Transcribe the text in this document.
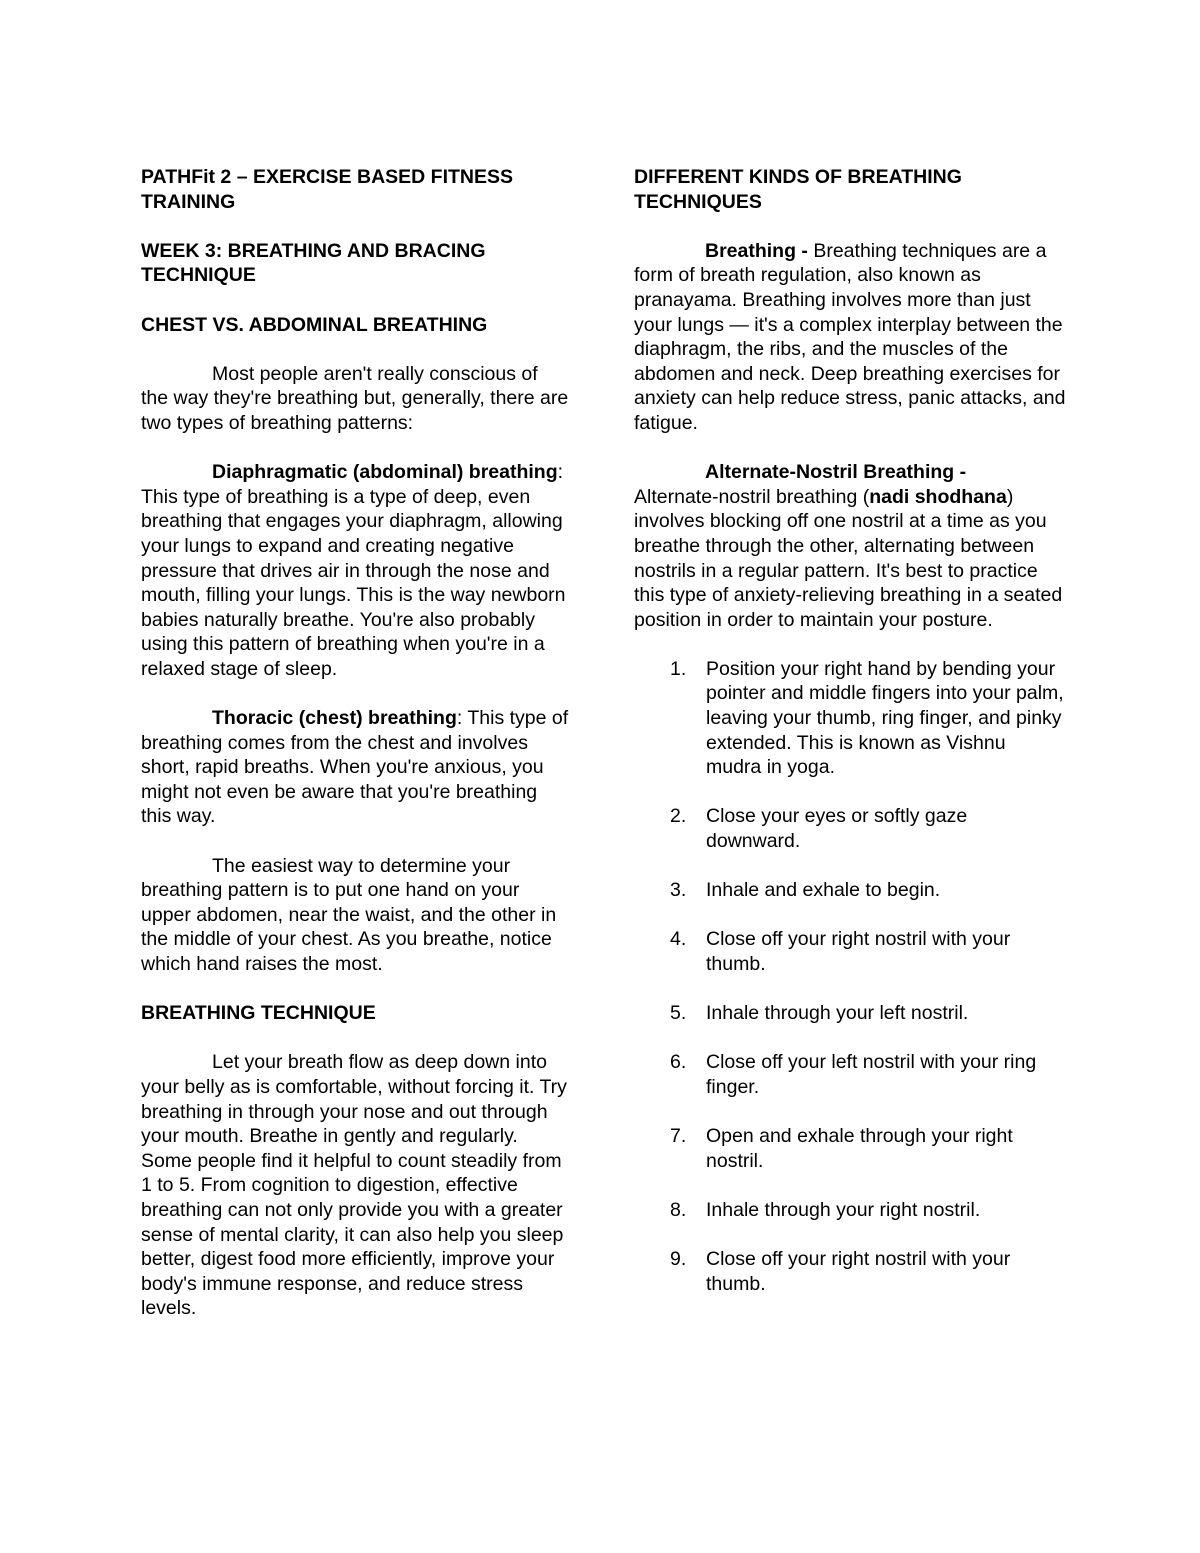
PATHFit 2 – EXERCISE BASED FITNESS TRAINING

WEEK 3: BREATHING AND BRACING TECHNIQUE

CHEST VS. ABDOMINAL BREATHING

Most people aren't really conscious of the way they're breathing but, generally, there are two types of breathing patterns:

Diaphragmatic (abdominal) breathing: This type of breathing is a type of deep, even breathing that engages your diaphragm, allowing your lungs to expand and creating negative pressure that drives air in through the nose and mouth, filling your lungs. This is the way newborn babies naturally breathe. You're also probably using this pattern of breathing when you're in a relaxed stage of sleep.

Thoracic (chest) breathing: This type of breathing comes from the chest and involves short, rapid breaths. When you're anxious, you might not even be aware that you're breathing this way.

The easiest way to determine your breathing pattern is to put one hand on your upper abdomen, near the waist, and the other in the middle of your chest. As you breathe, notice which hand raises the most.

BREATHING TECHNIQUE

Let your breath flow as deep down into your belly as is comfortable, without forcing it. Try breathing in through your nose and out through your mouth. Breathe in gently and regularly. Some people find it helpful to count steadily from 1 to 5. From cognition to digestion, effective breathing can not only provide you with a greater sense of mental clarity, it can also help you sleep better, digest food more efficiently, improve your body's immune response, and reduce stress levels.

DIFFERENT KINDS OF BREATHING TECHNIQUES

Breathing - Breathing techniques are a form of breath regulation, also known as pranayama. Breathing involves more than just your lungs — it's a complex interplay between the diaphragm, the ribs, and the muscles of the abdomen and neck. Deep breathing exercises for anxiety can help reduce stress, panic attacks, and fatigue.

Alternate-Nostril Breathing -
Alternate-nostril breathing (nadi shodhana) involves blocking off one nostril at a time as you breathe through the other, alternating between nostrils in a regular pattern. It's best to practice this type of anxiety-relieving breathing in a seated position in order to maintain your posture.

1.	Position your right hand by bending your pointer and middle fingers into your palm, leaving your thumb, ring finger, and pinky extended. This is known as Vishnu mudra in yoga.
2.	Close your eyes or softly gaze downward.
3.	Inhale and exhale to begin.
4.	Close off your right nostril with your thumb.
5.	Inhale through your left nostril.
6.	Close off your left nostril with your ring finger.
7.	Open and exhale through your right nostril.
8.	Inhale through your right nostril.
9.	Close off your right nostril with your thumb.
